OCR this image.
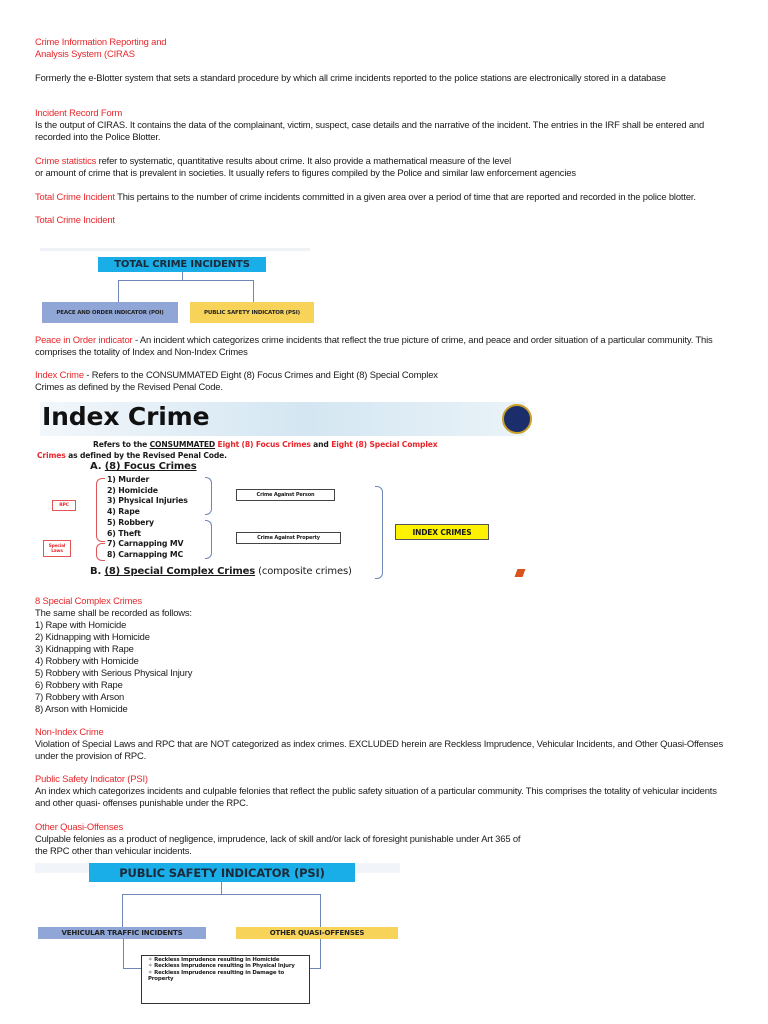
Crime Information Reporting and

Analysis System (CIRAS

Formerly the e-Blotter system that sets a standard procedure by which all crime incidents reported to the police stations are electronically stored in a database

Incident Record Form

Is the output of CIRAS. It contains the data of the complainant, victim, suspect, case details and the narrative of the incident. The entries in the IRF shall be entered and recorded into the Police Blotter.

Crime statistics refer to systematic, quantitative results about crime. It also provide a mathematical measure of the level

or amount of crime that is prevalent in societies. It usually refers to figures compiled by the Police and similar law enforcement agencies

Total Crime Incident This pertains to the number of crime incidents committed in a given area over a period of time that are reported and recorded in the police blotter.

Total Crime Incident

TOTAL CRIME INCIDENTS
PEACE AND ORDER INDICATOR (POI)	PUBLIC SAFETY INDICATOR (PSI)

Peace in Order indicator - An incident which categorizes crime incidents that reflect the true picture of crime, and peace and order situation of a particular community. This comprises the totality of Index and Non-Index Crimes

Index Crime - Refers to the CONSUMMATED Eight (8) Focus Crimes and Eight (8) Special Complex

Crimes as defined by the Revised Penal Code.

Index Crime
Refers to the CONSUMMATED Eight (8) Focus Crimes and Eight (8) Special Complex
Crimes as defined by the Revised Penal Code.
A. (8) Focus Crimes
1) Murder
2) Homicide
3) Physical Injuries
4) Rape
5) Robbery
6) Theft
7) Carnapping MV
8) Carnapping MC
RPC
Special Laws
Crime Against Person
Crime Against Property
INDEX CRIMES
B. (8) Special Complex Crimes (composite crimes)

8 Special Complex Crimes

The same shall be recorded as follows:

1) Rape with Homicide

2) Kidnapping with Homicide

3) Kidnapping with Rape

4) Robbery with Homicide

5) Robbery with Serious Physical Injury

6) Robbery with Rape

7) Robbery with Arson

8) Arson with Homicide

Non-Index Crime

Violation of Special Laws and RPC that are NOT categorized as index crimes. EXCLUDED herein are Reckless Imprudence, Vehicular Incidents, and Other Quasi-Offenses under the provision of RPC.

Public Safety Indicator (PSI)

An index which categorizes incidents and culpable felonies that reflect the public safety situation of a particular community. This comprises the totality of vehicular incidents and other quasi- offenses punishable under the RPC.

Other Quasi-Offenses

Culpable felonies as a product of negligence, imprudence, lack of skill and/or lack of foresight punishable under Art 365 of

the RPC other than vehicular incidents.

PUBLIC SAFETY INDICATOR (PSI)
VEHICULAR TRAFFIC INCIDENTS	OTHER QUASI-OFFENSES
✧ Reckless Imprudence resulting in Homicide
✧ Reckless Imprudence resulting in Physical Injury
✧ Reckless Imprudence resulting in Damage to Property
